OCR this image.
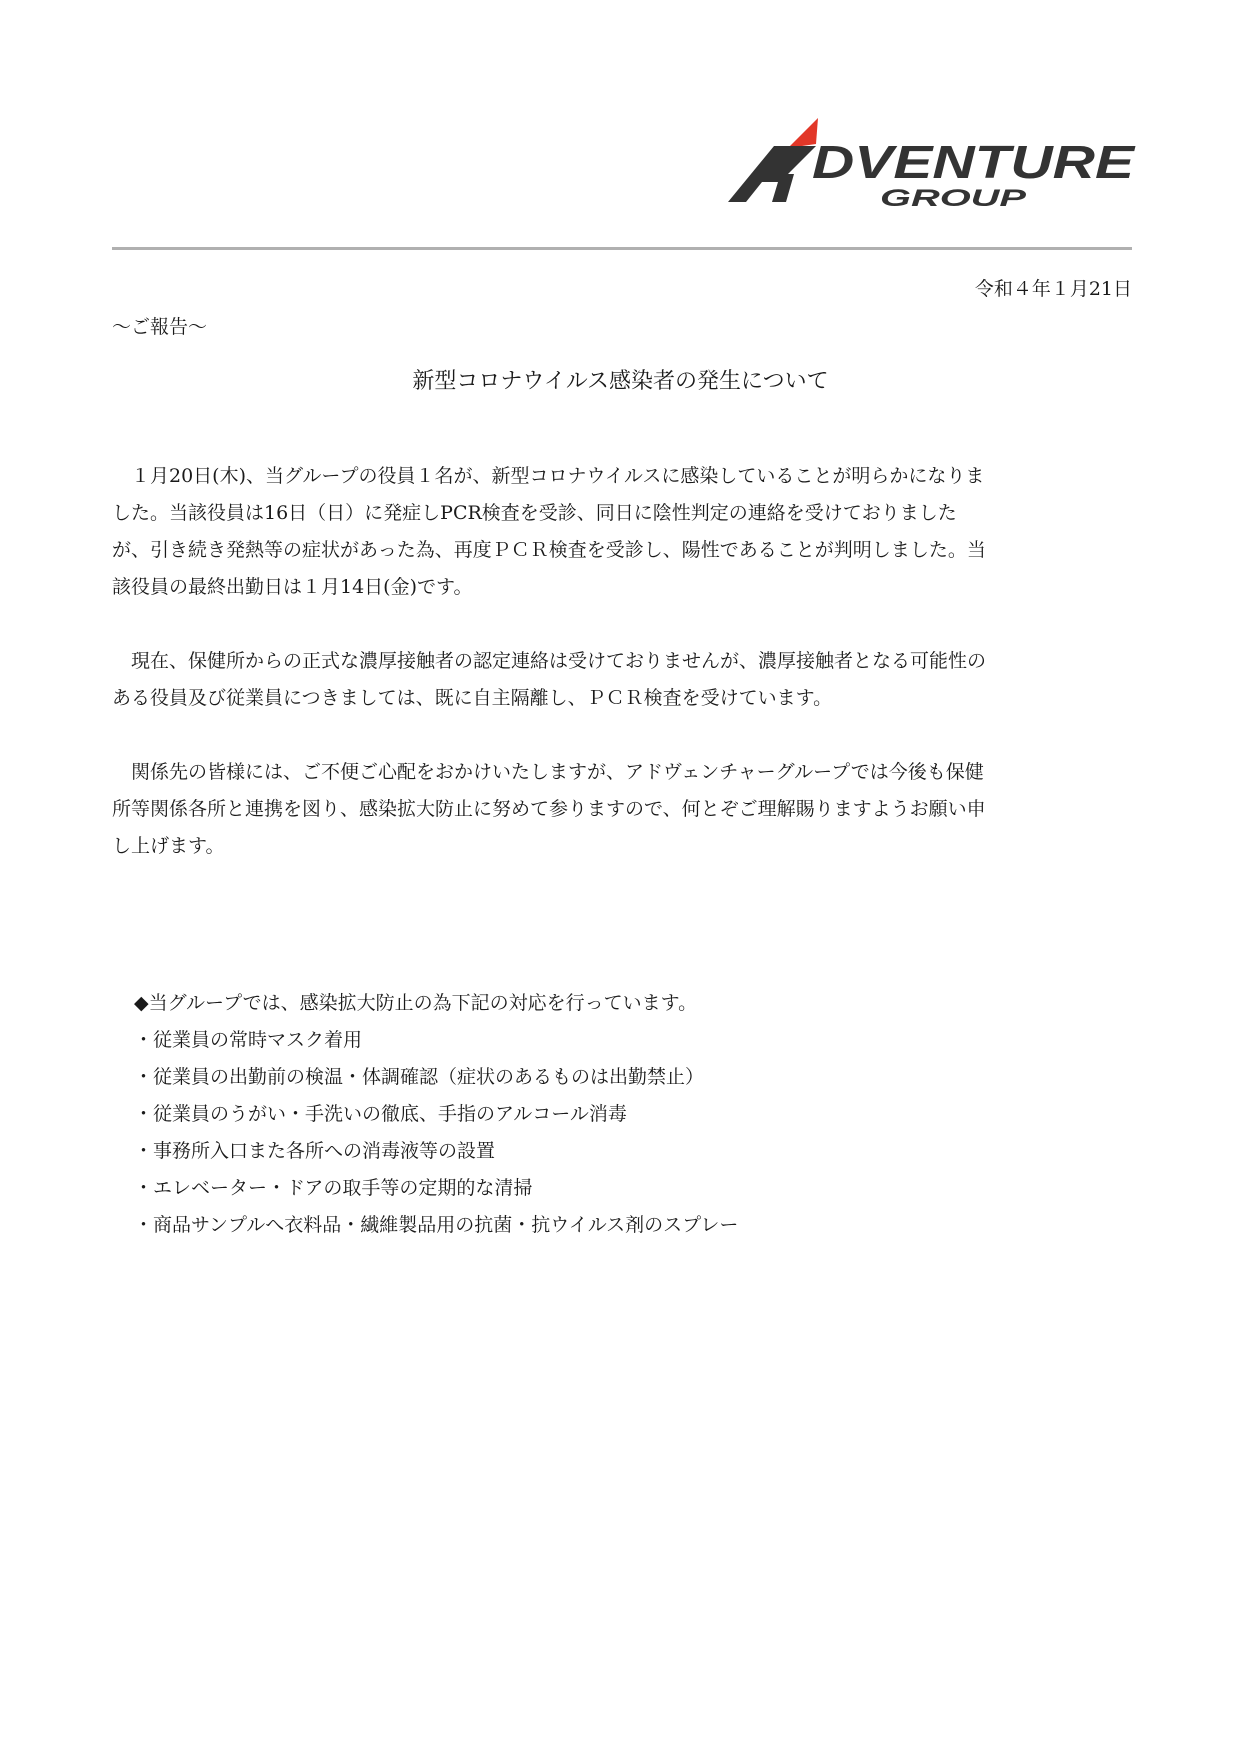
DVENTURE
GROUP
令和４年１月21日
～ご報告～
新型コロナウイルス感染者の発生について

　１月20日(木)、当グループの役員１名が、新型コロナウイルスに感染していることが明らかになりま
した。当該役員は16日（日）に発症しPCR検査を受診、同日に陰性判定の連絡を受けておりました
が、引き続き発熱等の症状があった為、再度ＰＣＲ検査を受診し、陽性であることが判明しました。当
該役員の最終出勤日は１月14日(金)です。

　現在、保健所からの正式な濃厚接触者の認定連絡は受けておりませんが、濃厚接触者となる可能性の
ある役員及び従業員につきましては、既に自主隔離し、ＰＣＲ検査を受けています。

　関係先の皆様には、ご不便ご心配をおかけいたしますが、アドヴェンチャーグループでは今後も保健
所等関係各所と連携を図り、感染拡大防止に努めて参りますので、何とぞご理解賜りますようお願い申
し上げます。

◆当グループでは、感染拡大防止の為下記の対応を行っています。
・従業員の常時マスク着用
・従業員の出勤前の検温・体調確認（症状のあるものは出勤禁止）
・従業員のうがい・手洗いの徹底、手指のアルコール消毒
・事務所入口また各所への消毒液等の設置
・エレベーター・ドアの取手等の定期的な清掃
・商品サンプルへ衣料品・繊維製品用の抗菌・抗ウイルス剤のスプレー
